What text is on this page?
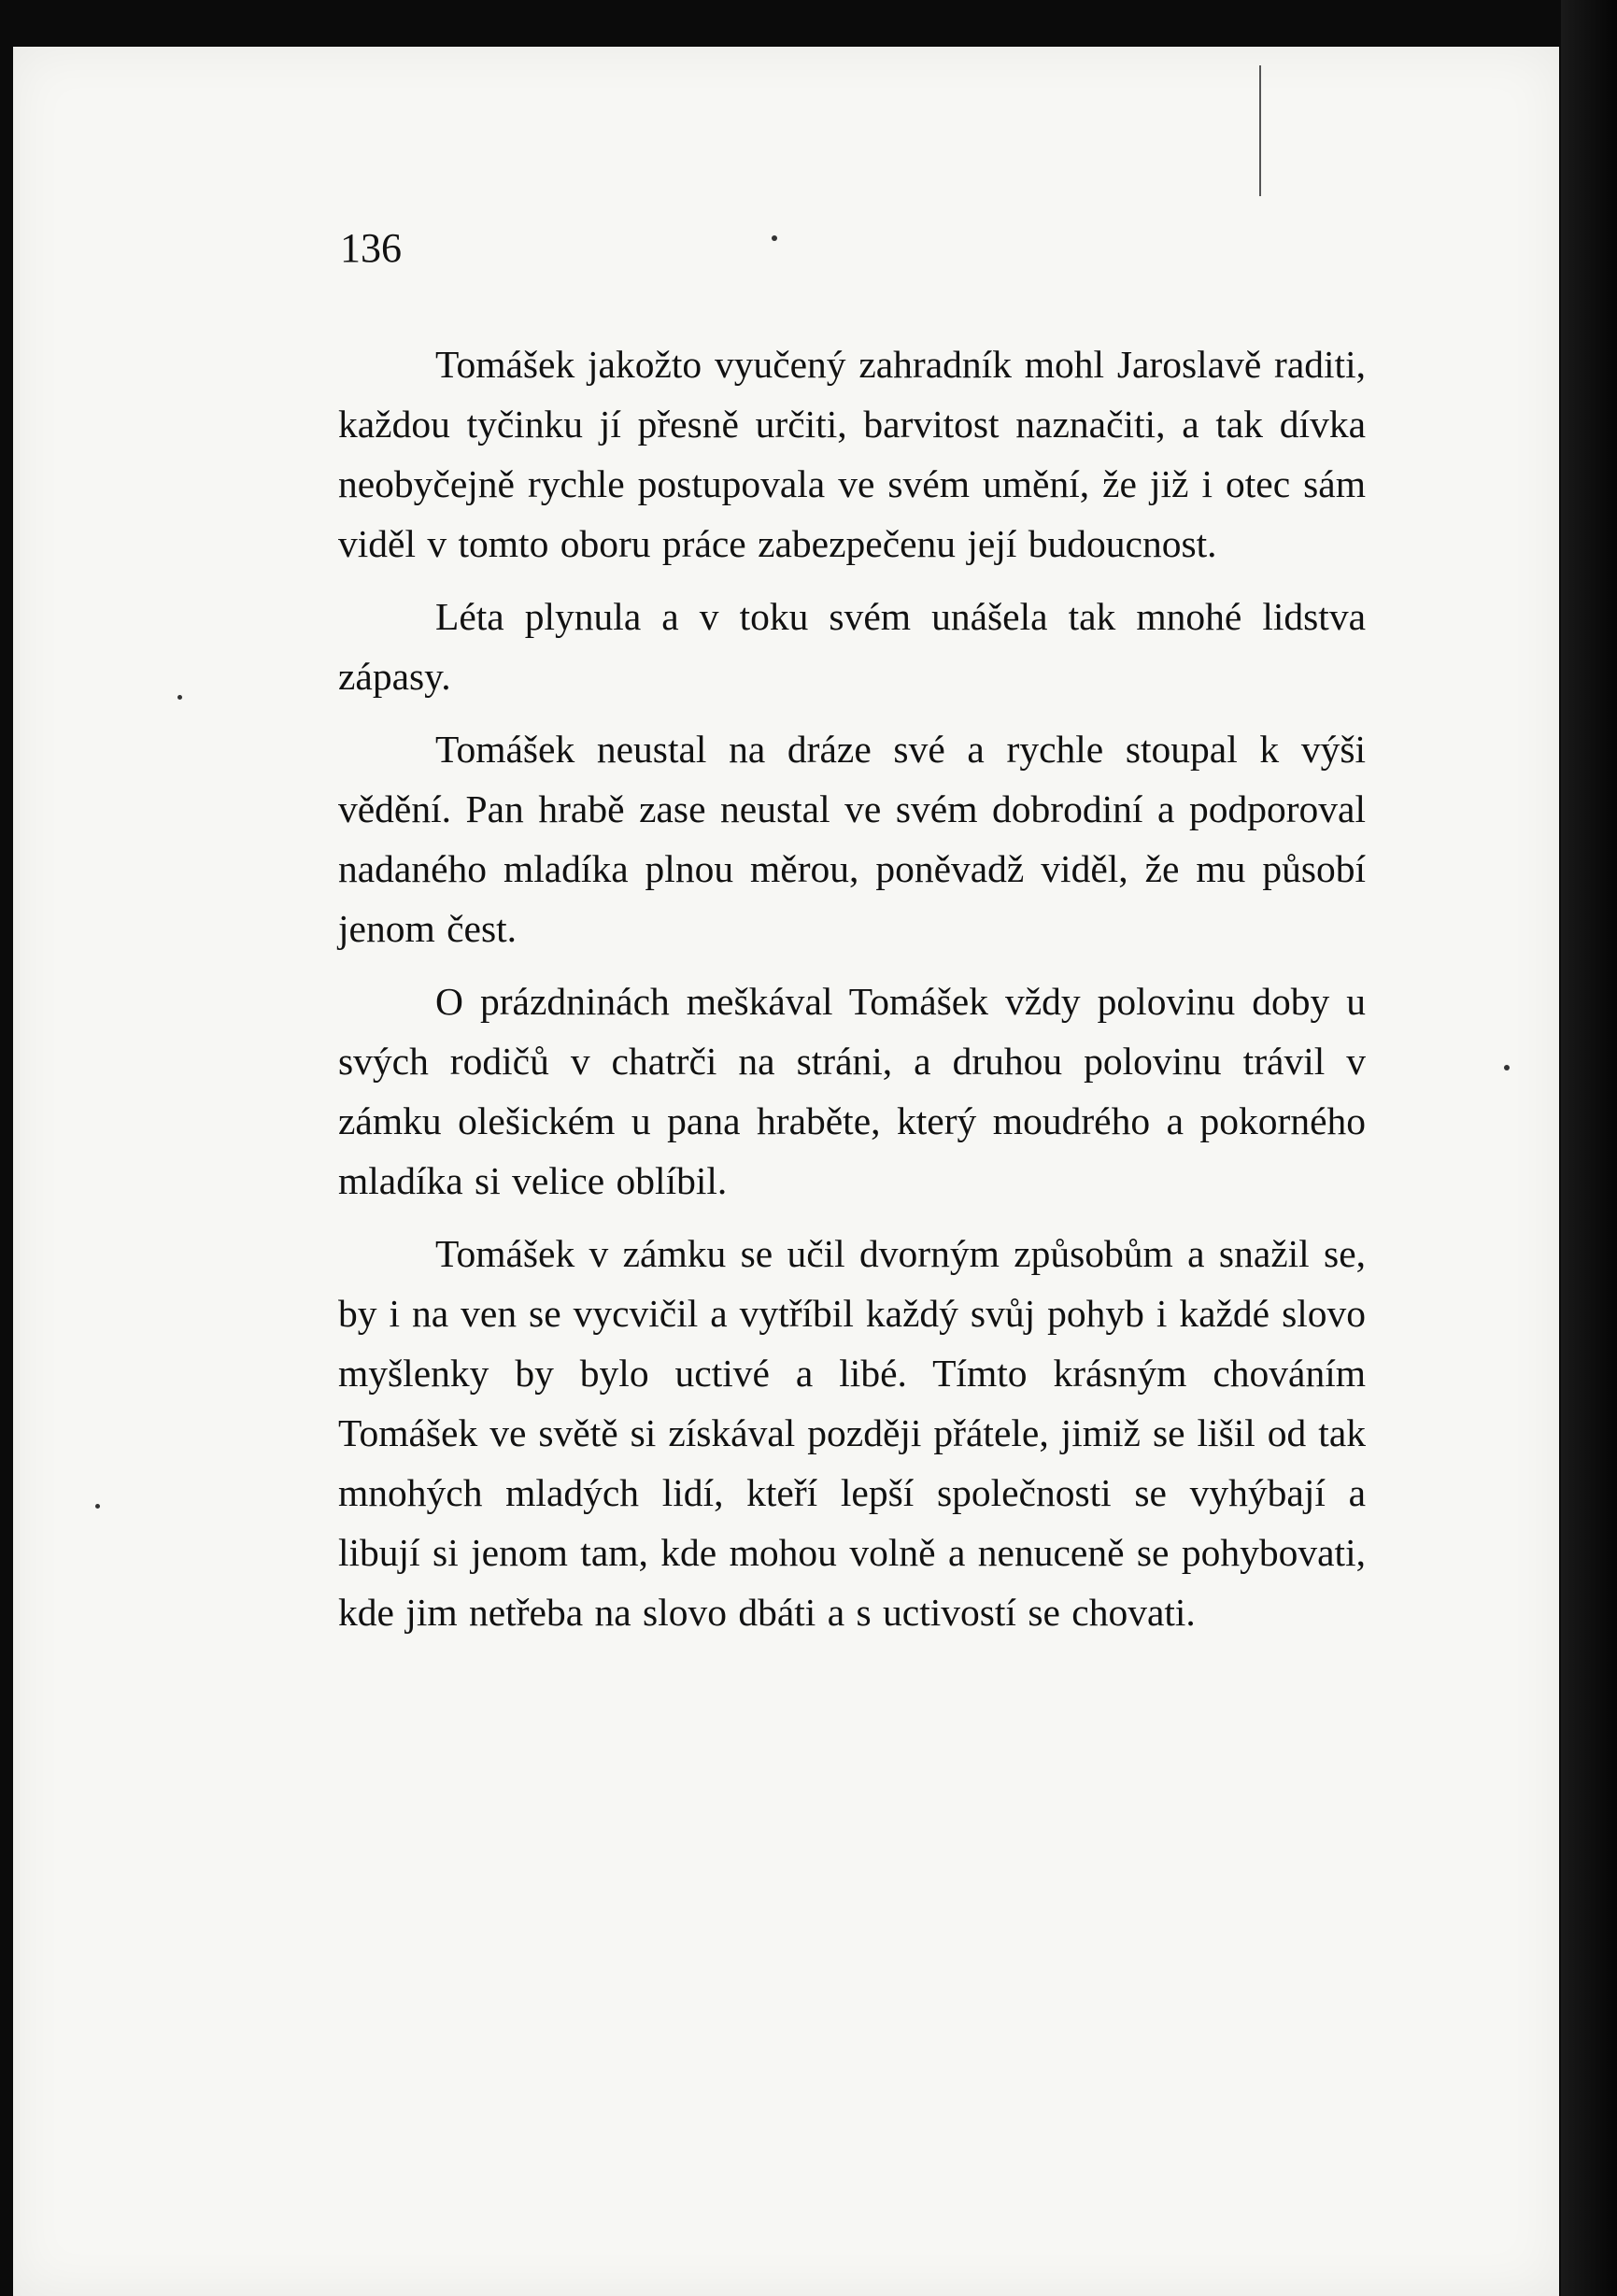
136

Tomášek jakožto vyučený zahradník mohl Jaroslavě raditi, každou tyčinku jí přesně určiti, barvitost naznačiti, a tak dívka neobyčejně rychle postupovala ve svém umění, že již i otec sám viděl v tomto oboru práce zabezpečenu její budoucnost.

Léta plynula a v toku svém unášela tak mnohé lidstva zápasy.

Tomášek neustal na dráze své a rychle stoupal k výši vědění. Pan hrabě zase neustal ve svém dobrodiní a podporoval nadaného mladíka plnou měrou, poněvadž viděl, že mu působí jenom čest.

O prázdninách meškával Tomášek vždy polovinu doby u svých rodičů v chatrči na stráni, a druhou polovinu trávil v zámku olešickém u pana hraběte, který moudrého a pokorného mladíka si velice oblíbil.

Tomášek v zámku se učil dvorným způsobům a snažil se, by i na ven se vycvičil a vytříbil každý svůj pohyb i každé slovo myšlenky by bylo uctivé a libé. Tímto krásným chováním Tomášek ve světě si získával později přátele, jimiž se lišil od tak mnohých mladých lidí, kteří lepší společnosti se vyhýbají a libují si jenom tam, kde mohou volně a nenuceně se pohybovati, kde jim netřeba na slovo dbáti a s uctivostí se chovati.
